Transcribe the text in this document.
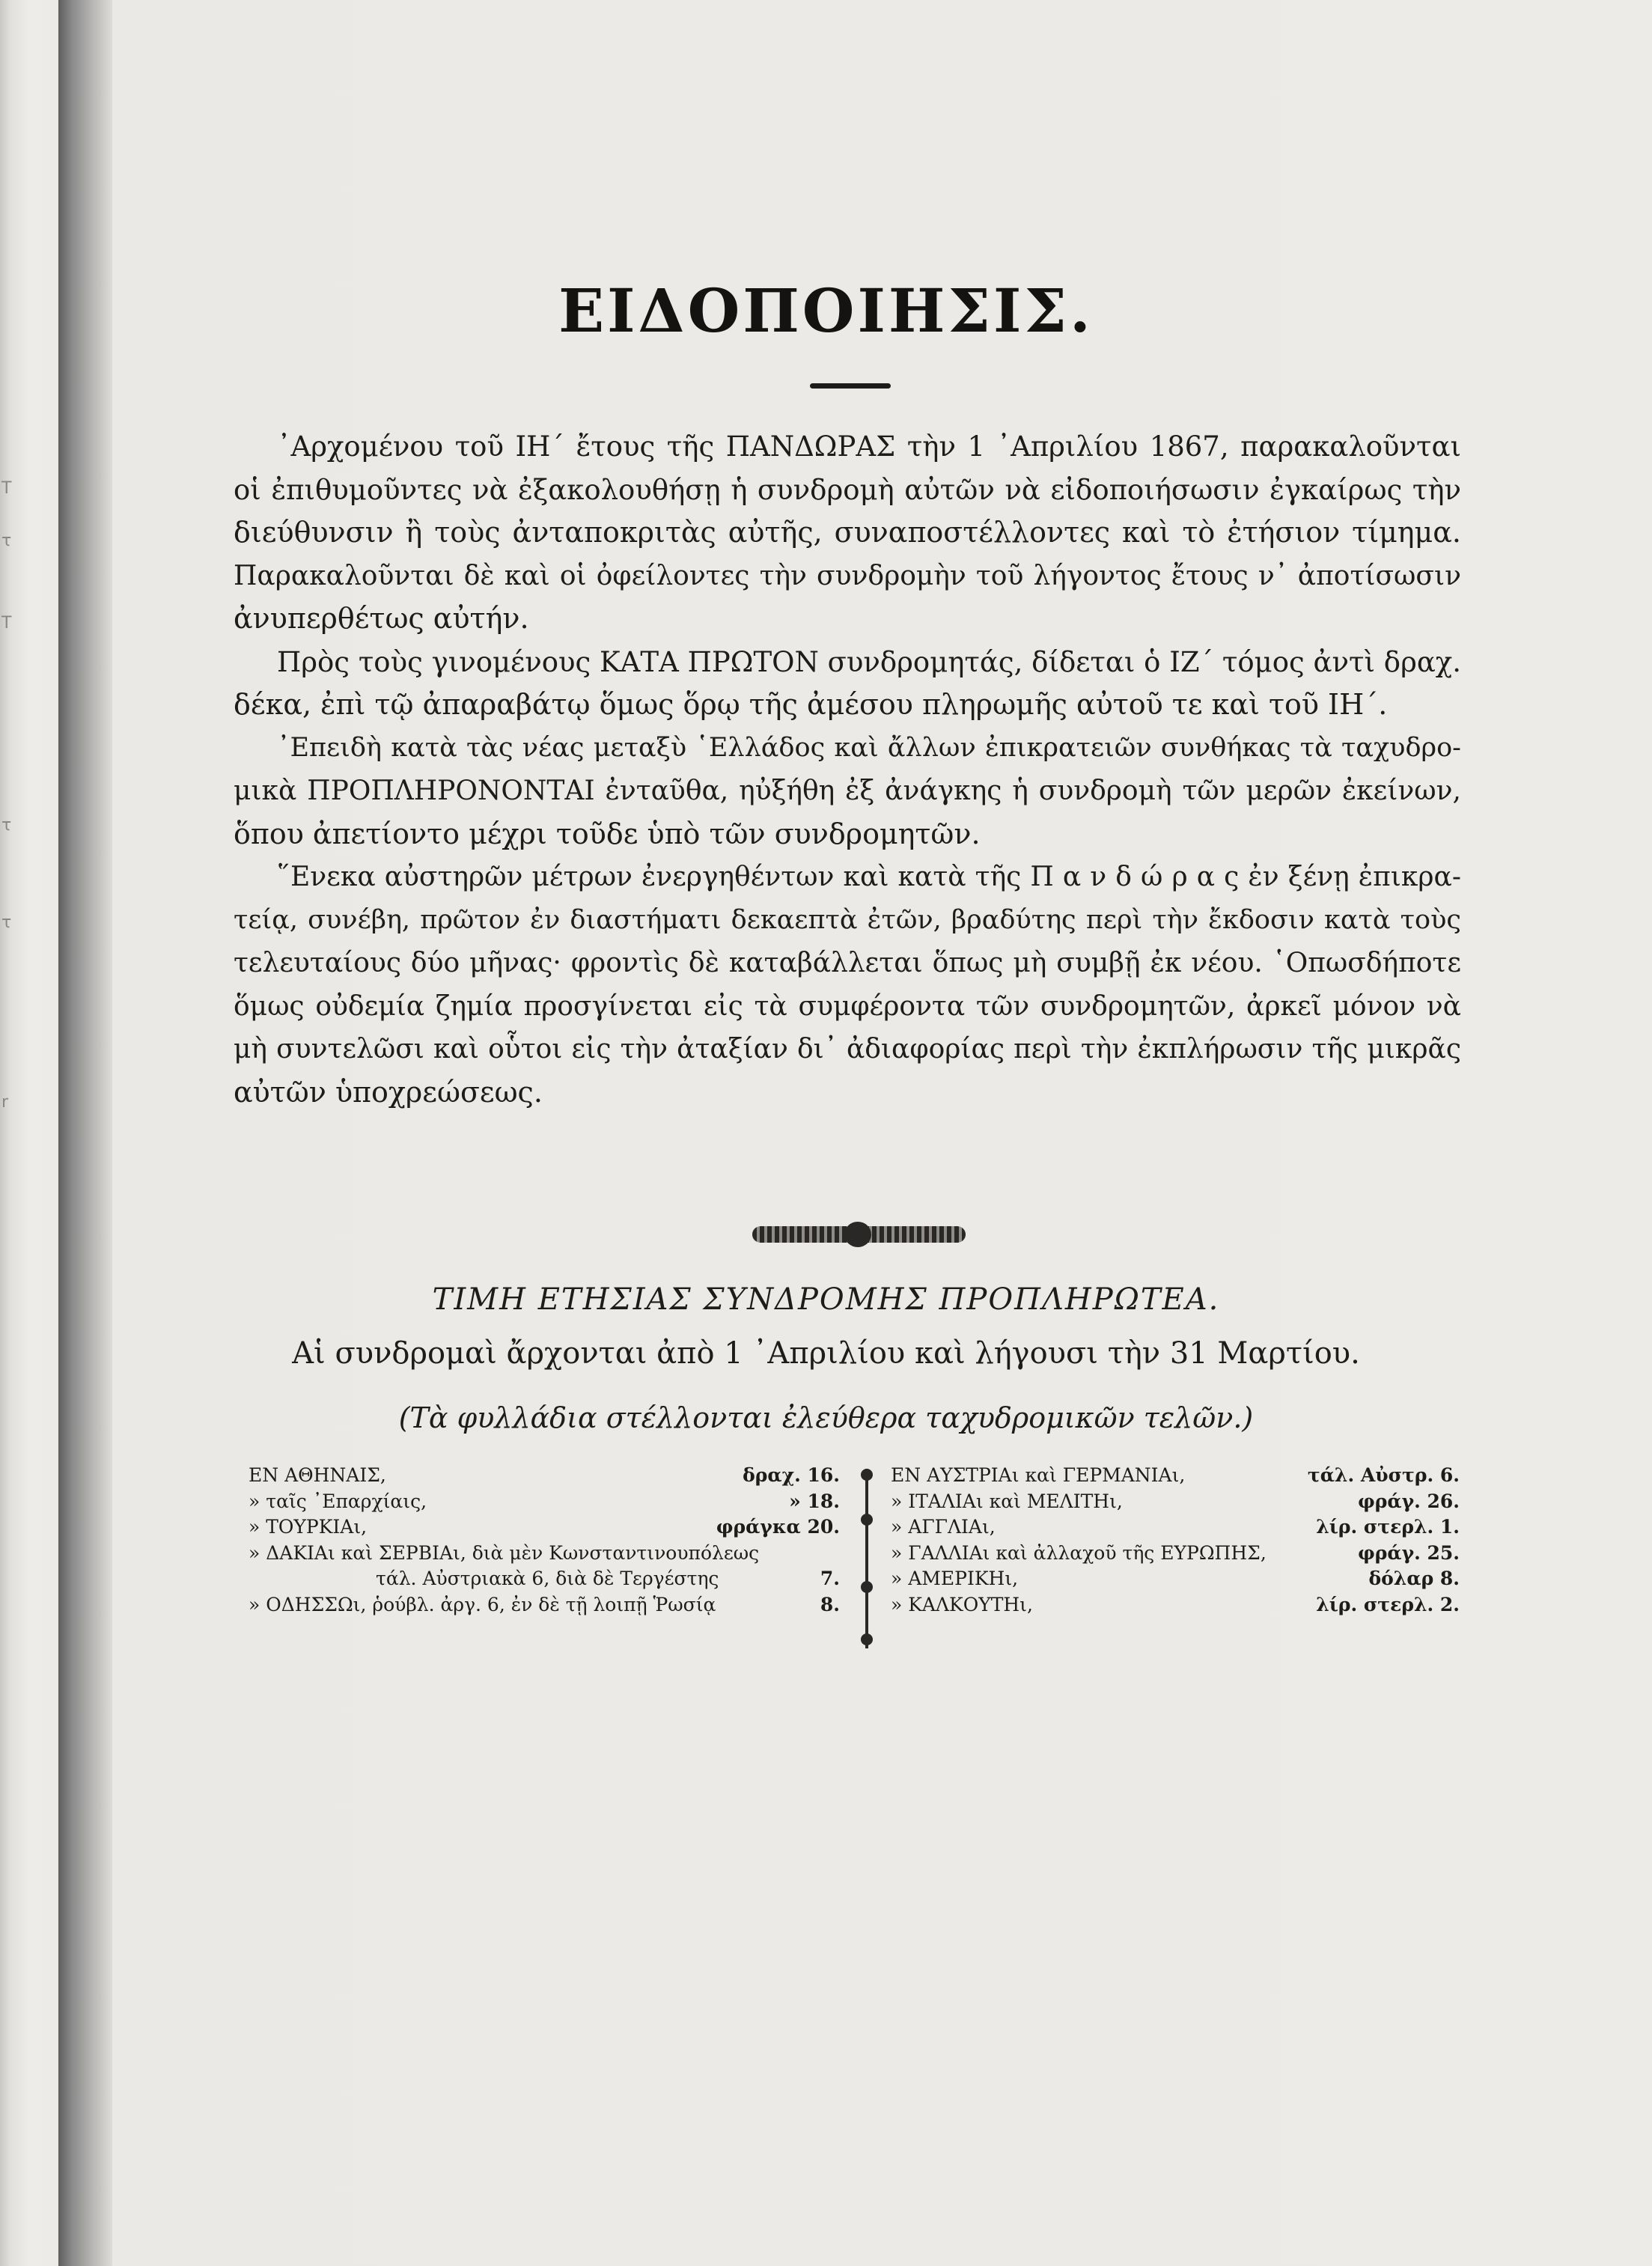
T
τ
T
τ
τ
r
ΕΙΔΟΠΟΙΗΣΙΣ.
᾿Αρχομένου τοῦ ΙΗ΄ ἔτους τῆς ΠΑΝΔΩΡΑΣ τὴν 1 ᾿Απριλίου 1867, παρακαλοῦνται
οἱ ἐπιθυμοῦντες νὰ ἐξακολουθήσῃ ἡ συνδρομὴ αὐτῶν νὰ εἰδοποιήσωσιν ἐγκαίρως τὴν
διεύθυνσιν ἢ τοὺς ἀνταποκριτὰς αὐτῆς, συναποστέλλοντες καὶ τὸ ἐτήσιον τίμημα.
Παρακαλοῦνται δὲ καὶ οἱ ὀφείλοντες τὴν συνδρομὴν τοῦ λήγοντος ἔτους ν᾿ ἀποτίσωσιν
ἀνυπερθέτως αὐτήν.
Πρὸς τοὺς γινομένους ΚΑΤΑ ΠΡΩΤΟΝ συνδρομητάς, δίδεται ὁ ΙΖ΄ τόμος ἀντὶ δραχ.
δέκα, ἐπὶ τῷ ἀπαραβάτῳ ὅμως ὅρῳ τῆς ἀμέσου πληρωμῆς αὐτοῦ τε καὶ τοῦ ΙΗ΄.
᾿Επειδὴ κατὰ τὰς νέας μεταξὺ ῾Ελλάδος καὶ ἄλλων ἐπικρατειῶν συνθήκας τὰ ταχυδρο-
μικὰ ΠΡΟΠΛΗΡΟΝΟΝΤΑΙ ἐνταῦθα, ηὐξήθη ἐξ ἀνάγκης ἡ συνδρομὴ τῶν μερῶν ἐκείνων,
ὅπου ἀπετίοντο μέχρι τοῦδε ὑπὸ τῶν συνδρομητῶν.
῞Ενεκα αὐστηρῶν μέτρων ἐνεργηθέντων καὶ κατὰ τῆς Π α ν δ ώ ρ α ς ἐν ξένῃ ἐπικρα-
τείᾳ, συνέβη, πρῶτον ἐν διαστήματι δεκαεπτὰ ἐτῶν, βραδύτης περὶ τὴν ἔκδοσιν κατὰ τοὺς
τελευταίους δύο μῆνας· φροντὶς δὲ καταβάλλεται ὅπως μὴ συμβῇ ἐκ νέου. ῾Οπωσδήποτε
ὅμως οὐδεμία ζημία προσγίνεται εἰς τὰ συμφέροντα τῶν συνδρομητῶν, ἀρκεῖ μόνον νὰ
μὴ συντελῶσι καὶ οὗτοι εἰς τὴν ἀταξίαν δι᾿ ἀδιαφορίας περὶ τὴν ἐκπλήρωσιν τῆς μικρᾶς
αὐτῶν ὑποχρεώσεως.
ΤΙΜΗ ΕΤΗΣΙΑΣ ΣΥΝΔΡΟΜΗΣ ΠΡΟΠΛΗΡΩΤΕΑ.
Αἱ συνδρομαὶ ἄρχονται ἀπὸ 1 ᾿Απριλίου καὶ λήγουσι τὴν 31 Μαρτίου.
(Τὰ φυλλάδια στέλλονται ἐλεύθερα ταχυδρομικῶν τελῶν.)
ΕΝ ΑΘΗΝΑΙΣ,	δραχ. 16.
» ταῖς ᾿Επαρχίαις,	» 18.
» ΤΟΥΡΚΙΑι,	φράγκα 20.
» ΔΑΚΙΑι καὶ ΣΕΡΒΙΑι, διὰ μὲν Κωνσταντινουπόλεως
τάλ. Αὐστριακὰ 6, διὰ δὲ Τεργέστης	7.
» ΟΔΗΣΣΩι, ῥούβλ. ἀργ. 6, ἐν δὲ τῇ λοιπῇ Ῥωσίᾳ	8.
ΕΝ ΑΥΣΤΡΙΑι καὶ ΓΕΡΜΑΝΙΑι,	τάλ. Αὐστρ. 6.
» ΙΤΑΛΙΑι καὶ ΜΕΛΙΤΗι,	φράγ. 26.
» ΑΓΓΛΙΑι,	λίρ. στερλ. 1.
» ΓΑΛΛΙΑι καὶ ἀλλαχοῦ τῆς ΕΥΡΩΠΗΣ,	φράγ. 25.
» ΑΜΕΡΙΚΗι,	δόλαρ 8.
» ΚΑΛΚΟΥΤΗι,	λίρ. στερλ. 2.
